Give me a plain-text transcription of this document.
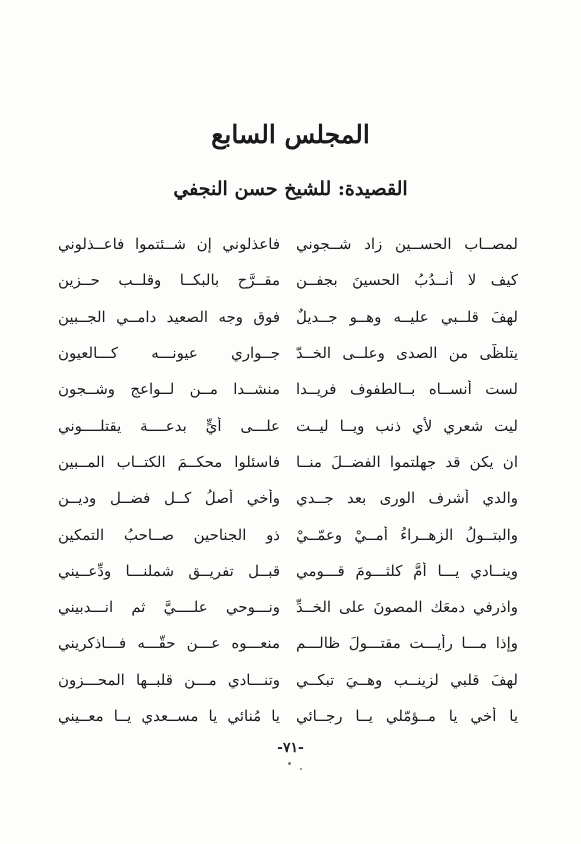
المجلس السابع
القصيدة: للشيخ حسن النجفي
لمصــاب الحســين زاد شــجوني
فاعذلوني إن شــئتموا فاعــذلوني
كيف لا أنــدُبُ الحسينَ بجفــن
مقــرَّح بالبكــا وقلــب حــزين
لهفَ قلــبي عليــه وهــو جــديلٌ
فوق وجه الصعيد دامــي الجــبين
يتلظّى من الصدى وعلــى الخــدّ
جــواري عيونـــه كـــالعيون
لست أنســاه بــالطفوف فريــدا
منشــدا مــن لــواعج وشــجون
ليت شعري لأي ذنب ويــا ليــت
علـــى أيٍّ بدعــــة يقتلــــوني
ان يكن قد جهلتموا الفضــلَ منــا
فاسئلوا محكــمَ الكتــاب المــبين
والدي أشرف الورى بعد جــدي
وأخي أصلُ كــلِ فضــلٍ وديــن
والبتــولُ الزهــراءُ أمــيْ وعمّــيْ
ذو الجناحين صــاحبُ التمكين
وينــادي يـــا أمَّ كلثـــومَ قـــومي
قبــل تفريــق شملنـــا ودِّعــيني
واذرفي دمعَك المصونَ على الخــدِّ
ونـــوحي علــــيَّ ثم انـــدبيني
وإذا مـــا رأيـــت مقتـــولَ ظالـــم
منعـــوه عـــن حقّـــه فـــاذكريني
لهفَ قلبي لزينــب وهــيَ تبكــي
وتنـــادي مـــن قلبــها المحـــزون
يا أخي يا مــؤمّلي يــا رجــائي
يا مُنائي يا مســعدي يــا معــيني
-٧١-
